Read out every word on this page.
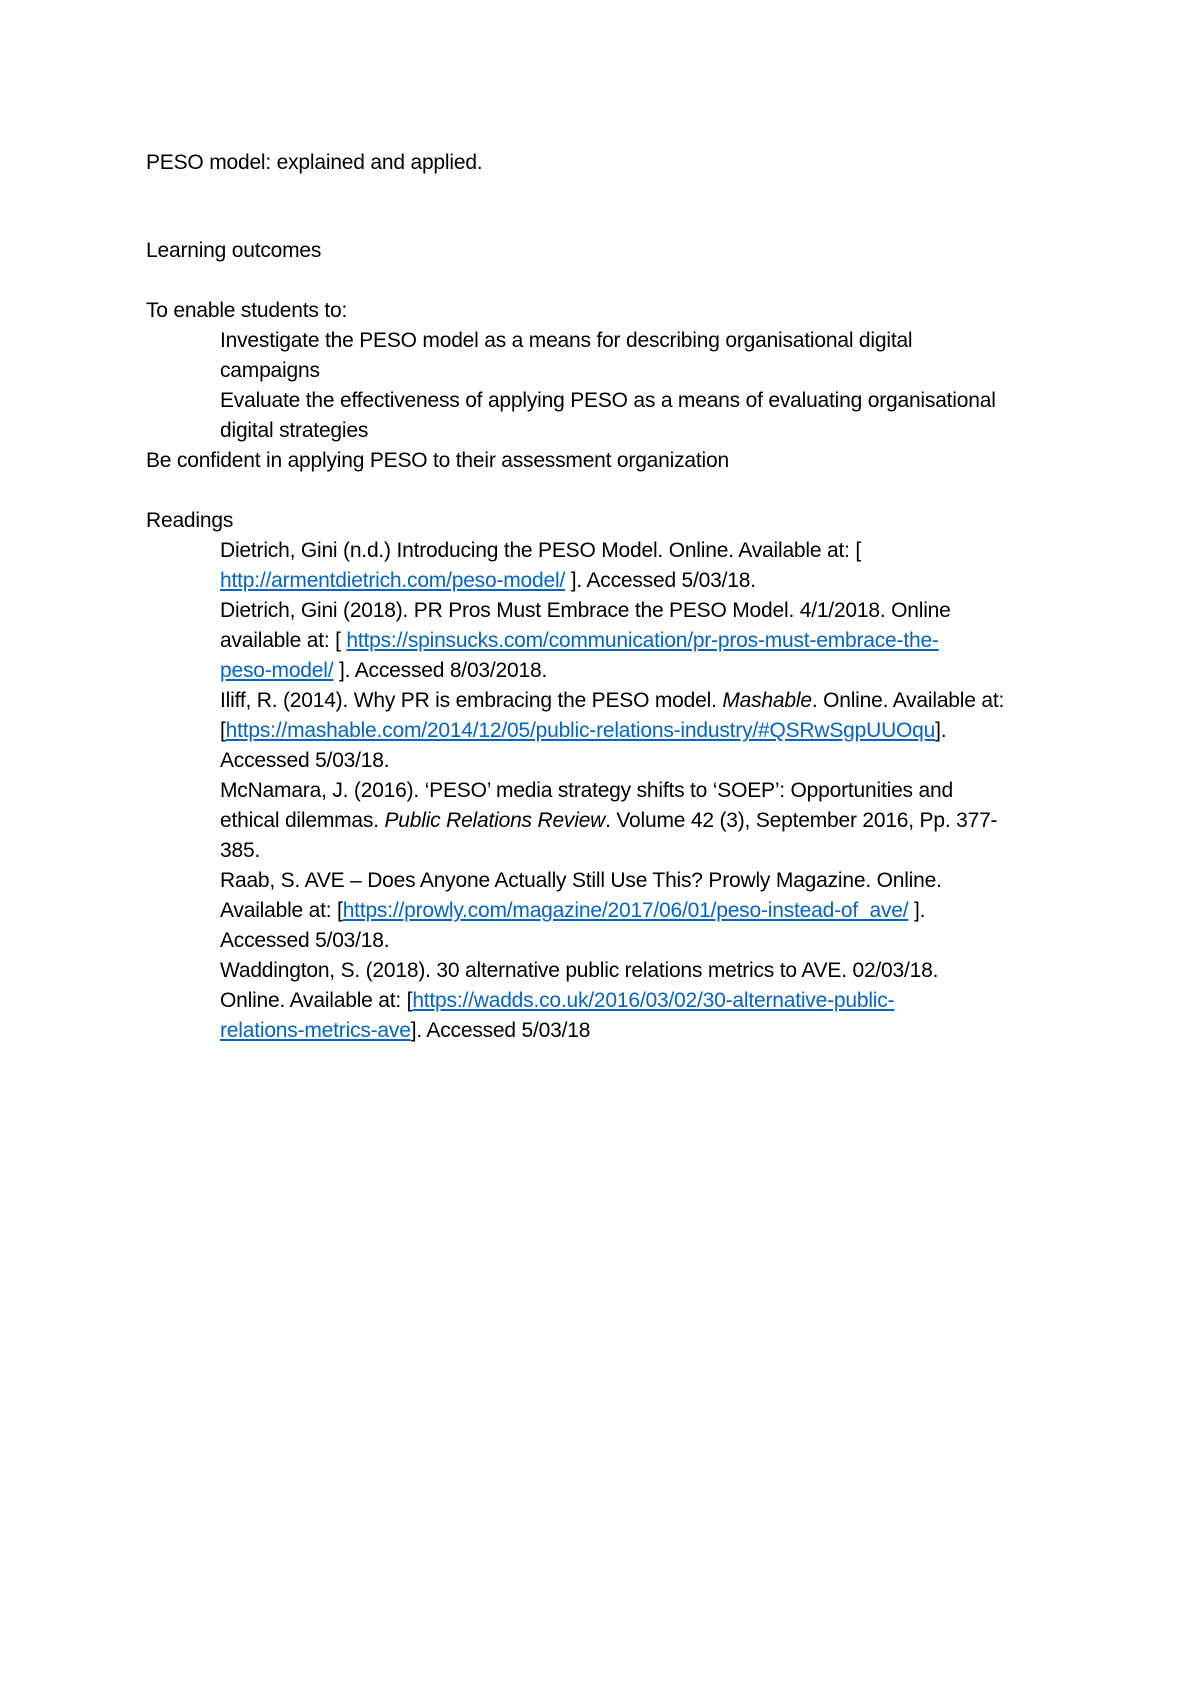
PESO model: explained and applied.
Learning outcomes
To enable students to:
Investigate the PESO model as a means for describing organisational digital
campaigns
Evaluate the effectiveness of applying PESO as a means of evaluating organisational
digital strategies
Be confident in applying PESO to their assessment organization
Readings
Dietrich, Gini (n.d.) Introducing the PESO Model. Online. Available at: [
http://armentdietrich.com/peso-model/ ]. Accessed 5/03/18.
Dietrich, Gini (2018). PR Pros Must Embrace the PESO Model. 4/1/2018. Online
available at: [ https://spinsucks.com/communication/pr-pros-must-embrace-the-
peso-model/ ]. Accessed 8/03/2018.
Iliff, R. (2014). Why PR is embracing the PESO model. Mashable. Online. Available at:
[https://mashable.com/2014/12/05/public-relations-industry/#QSRwSgpUUOqu].
Accessed 5/03/18.
McNamara, J. (2016). ‘PESO’ media strategy shifts to ‘SOEP’: Opportunities and
ethical dilemmas. Public Relations Review. Volume 42 (3), September 2016, Pp. 377-
385.
Raab, S. AVE – Does Anyone Actually Still Use This? Prowly Magazine. Online.
Available at: [https://prowly.com/magazine/2017/06/01/peso-instead-of_ave/ ].
Accessed 5/03/18.
Waddington, S. (2018). 30 alternative public relations metrics to AVE. 02/03/18.
Online. Available at: [https://wadds.co.uk/2016/03/02/30-alternative-public-
relations-metrics-ave]. Accessed 5/03/18
